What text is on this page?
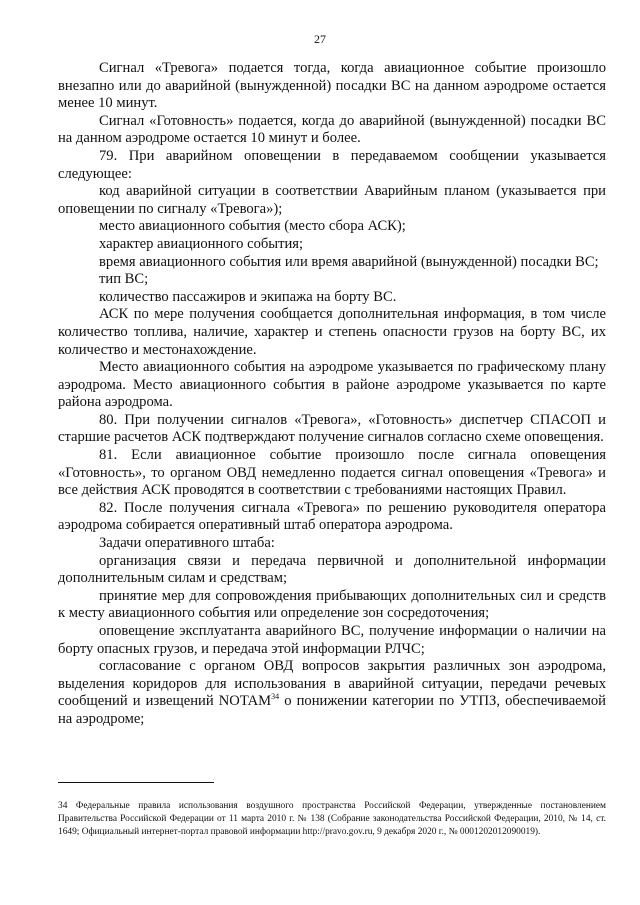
27

Сигнал «Тревога» подается тогда, когда авиационное событие произошло внезапно или до аварийной (вынужденной) посадки ВС на данном аэродроме остается менее 10 минут.

Сигнал «Готовность» подается, когда до аварийной (вынужденной) посадки ВС на данном аэродроме остается 10 минут и более.

79. При аварийном оповещении в передаваемом сообщении указывается следующее:

код аварийной ситуации в соответствии Аварийным планом (указывается при оповещении по сигналу «Тревога»);

место авиационного события (место сбора АСК);

характер авиационного события;

время авиационного события или время аварийной (вынужденной) посадки ВС;

тип ВС;

количество пассажиров и экипажа на борту ВС.

АСК по мере получения сообщается дополнительная информация, в том числе количество топлива, наличие, характер и степень опасности грузов на борту ВС, их количество и местонахождение.

Место авиационного события на аэродроме указывается по графическому плану аэродрома. Место авиационного события в районе аэродроме указывается по карте района аэродрома.

80. При получении сигналов «Тревога», «Готовность» диспетчер СПАСОП и старшие расчетов АСК подтверждают получение сигналов согласно схеме оповещения.

81. Если авиационное событие произошло после сигнала оповещения «Готовность», то органом ОВД немедленно подается сигнал оповещения «Тревога» и все действия АСК проводятся в соответствии с требованиями настоящих Правил.

82. После получения сигнала «Тревога» по решению руководителя оператора аэродрома собирается оперативный штаб оператора аэродрома.

Задачи оперативного штаба:

организация связи и передача первичной и дополнительной информации дополнительным силам и средствам;

принятие мер для сопровождения прибывающих дополнительных сил и средств к месту авиационного события или определение зон сосредоточения;

оповещение эксплуатанта аварийного ВС, получение информации о наличии на борту опасных грузов, и передача этой информации РЛЧС;

согласование с органом ОВД вопросов закрытия различных зон аэродрома, выделения коридоров для использования в аварийной ситуации, передачи речевых сообщений и извещений NOTAM$^{34}$ о понижении категории по УТПЗ, обеспечиваемой на аэродроме;

34 Федеральные правила использования воздушного пространства Российской Федерации, утвержденные постановлением Правительства Российской Федерации от 11 марта 2010 г. № 138 (Собрание законодательства Российской Федерации, 2010, № 14, ст. 1649; Официальный интернет-портал правовой информации http://pravo.gov.ru, 9 декабря 2020 г., № 0001202012090019).
